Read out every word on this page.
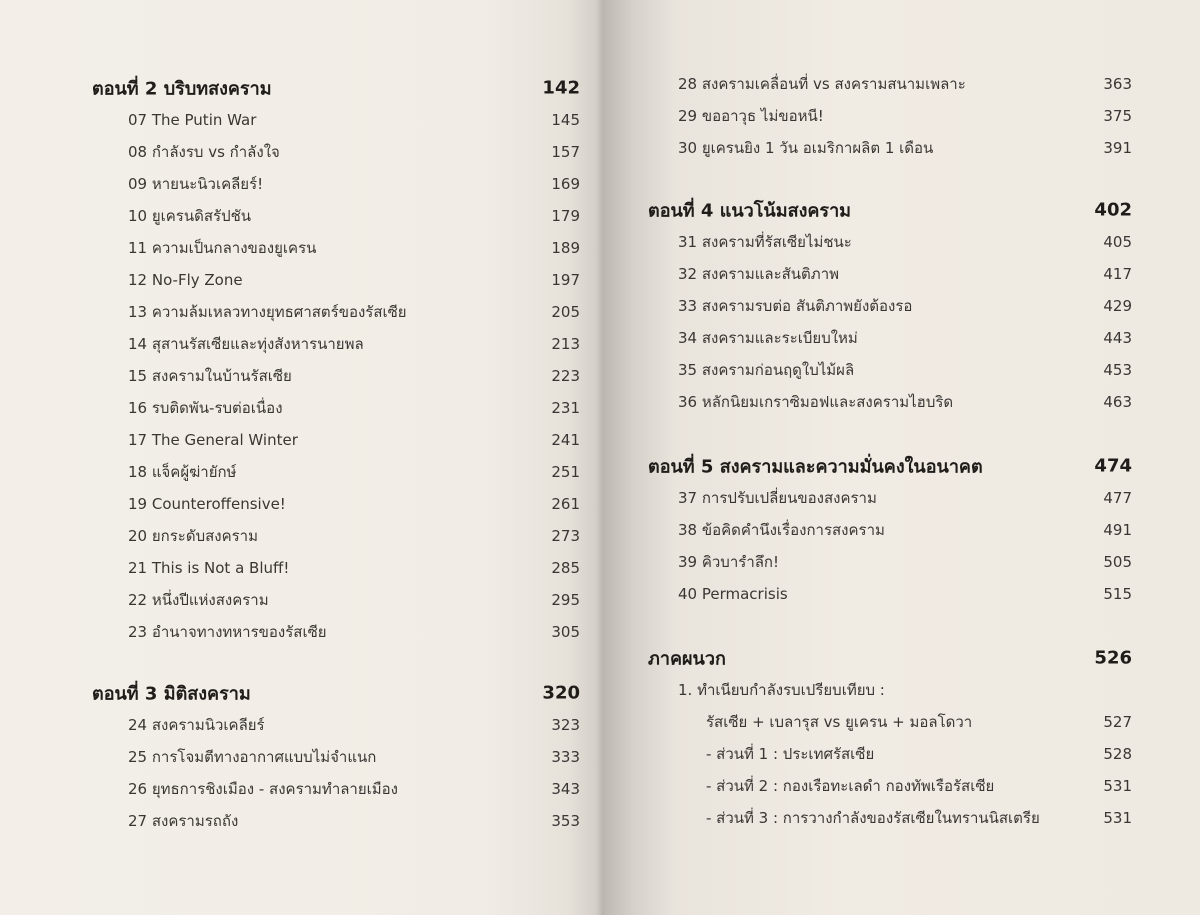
ตอนที่ 2 บริบทสงคราม	142
07 The Putin War	145
08 กำลังรบ vs กำลังใจ	157
09 หายนะนิวเคลียร์!	169
10 ยูเครนดิสรัปชัน	179
11 ความเป็นกลางของยูเครน	189
12 No-Fly Zone	197
13 ความล้มเหลวทางยุทธศาสตร์ของรัสเซีย	205
14 สุสานรัสเซียและทุ่งสังหารนายพล	213
15 สงครามในบ้านรัสเซีย	223
16 รบติดพัน-รบต่อเนื่อง	231
17 The General Winter	241
18 แจ็คผู้ฆ่ายักษ์	251
19 Counteroffensive!	261
20 ยกระดับสงคราม	273
21 This is Not a Bluff!	285
22 หนึ่งปีแห่งสงคราม	295
23 อำนาจทางทหารของรัสเซีย	305
ตอนที่ 3 มิติสงคราม	320
24 สงครามนิวเคลียร์	323
25 การโจมตีทางอากาศแบบไม่จำแนก	333
26 ยุทธการชิงเมือง - สงครามทำลายเมือง	343
27 สงครามรถถัง	353
28 สงครามเคลื่อนที่ vs สงครามสนามเพลาะ	363
29 ขออาวุธ ไม่ขอหนี!	375
30 ยูเครนยิง 1 วัน อเมริกาผลิต 1 เดือน	391
ตอนที่ 4 แนวโน้มสงคราม	402
31 สงครามที่รัสเซียไม่ชนะ	405
32 สงครามและสันติภาพ	417
33 สงครามรบต่อ สันติภาพยังต้องรอ	429
34 สงครามและระเบียบใหม่	443
35 สงครามก่อนฤดูใบไม้ผลิ	453
36 หลักนิยมเกราซิมอฟและสงครามไฮบริด	463
ตอนที่ 5 สงครามและความมั่นคงในอนาคต	474
37 การปรับเปลี่ยนของสงคราม	477
38 ข้อคิดคำนึงเรื่องการสงคราม	491
39 คิวบารำลึก!	505
40 Permacrisis	515
ภาคผนวก	526
1. ทำเนียบกำลังรบเปรียบเทียบ :
รัสเซีย + เบลารุส vs ยูเครน + มอลโดวา	527
- ส่วนที่ 1 : ประเทศรัสเซีย	528
- ส่วนที่ 2 : กองเรือทะเลดำ กองทัพเรือรัสเซีย	531
- ส่วนที่ 3 : การวางกำลังของรัสเซียในทรานนิสเตรีย	531
